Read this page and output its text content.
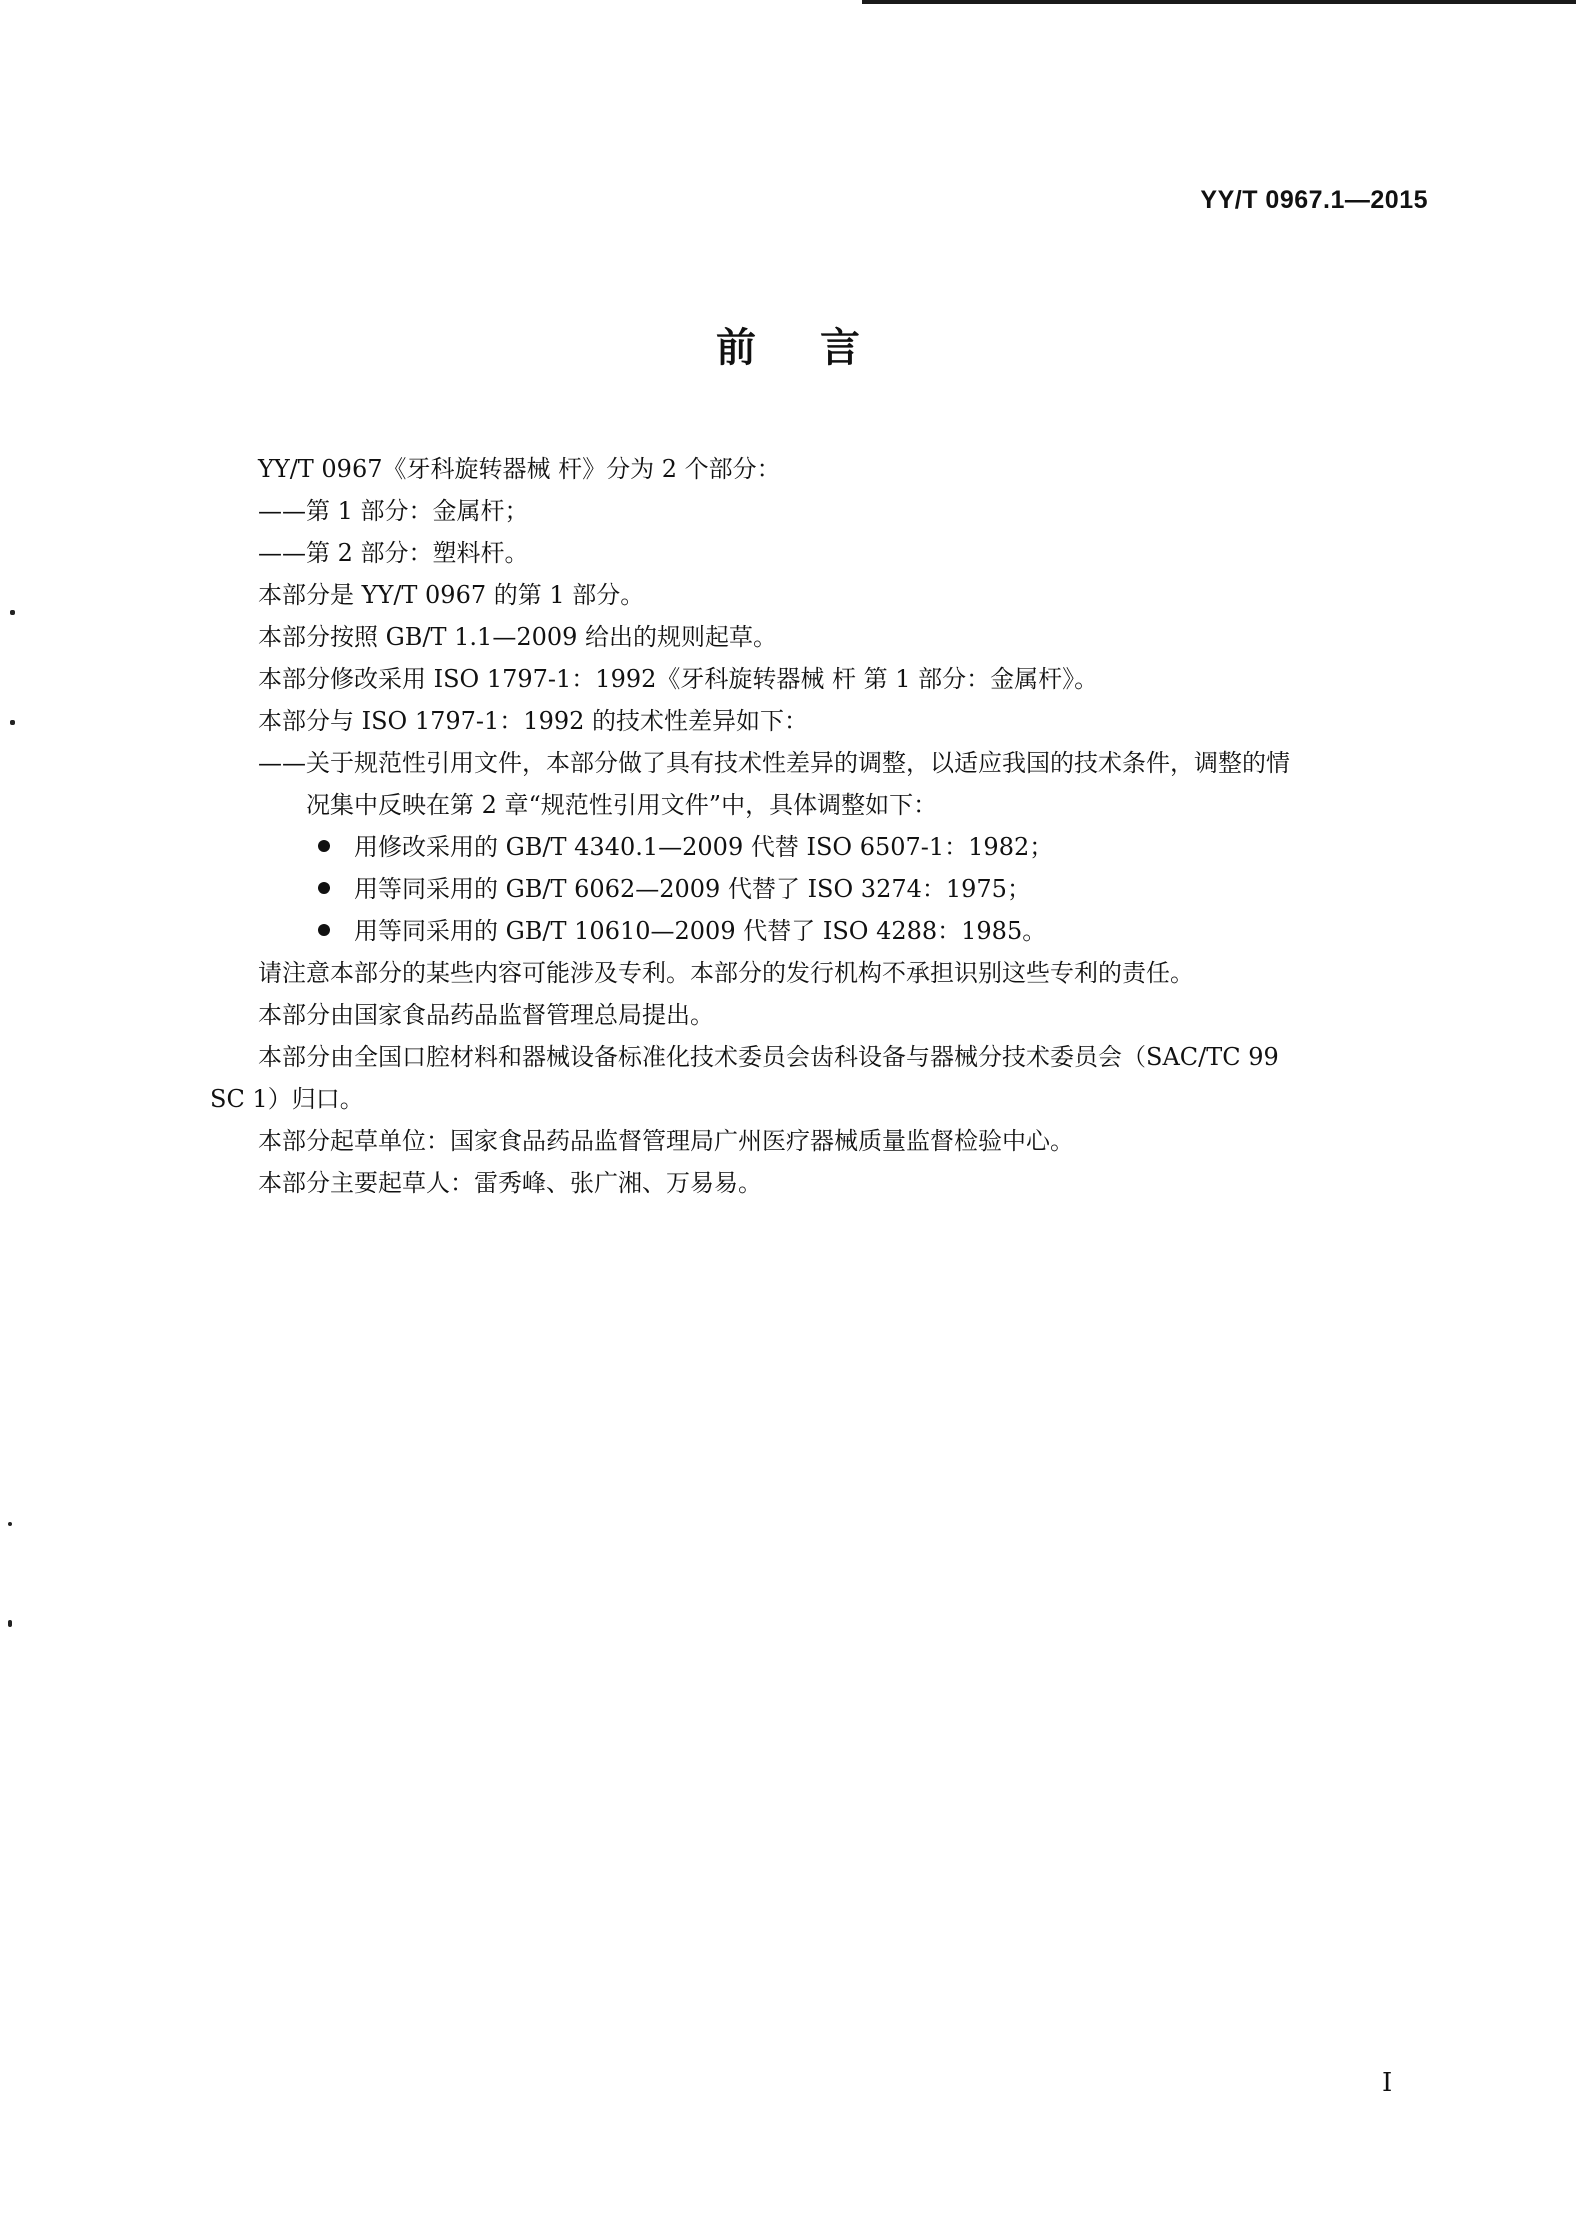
YY/T 0967.1—2015
前言

YY/T 0967《牙科旋转器械 杆》分为 2 个部分：

——第 1 部分：金属杆；

——第 2 部分：塑料杆。

本部分是 YY/T 0967 的第 1 部分。

本部分按照 GB/T 1.1—2009 给出的规则起草。

本部分修改采用 ISO 1797-1：1992《牙科旋转器械 杆 第 1 部分：金属杆》。

本部分与 ISO 1797-1：1992 的技术性差异如下：

——关于规范性引用文件，本部分做了具有技术性差异的调整，以适应我国的技术条件，调整的情

况集中反映在第 2 章“规范性引用文件”中，具体调整如下：

用修改采用的 GB/T 4340.1—2009 代替 ISO 6507-1：1982；

用等同采用的 GB/T 6062—2009 代替了 ISO 3274：1975；

用等同采用的 GB/T 10610—2009 代替了 ISO 4288：1985。

请注意本部分的某些内容可能涉及专利。本部分的发行机构不承担识别这些专利的责任。

本部分由国家食品药品监督管理总局提出。

本部分由全国口腔材料和器械设备标准化技术委员会齿科设备与器械分技术委员会（SAC/TC 99

SC 1）归口。

本部分起草单位：国家食品药品监督管理局广州医疗器械质量监督检验中心。

本部分主要起草人：雷秀峰、张广湘、万易易。

I
